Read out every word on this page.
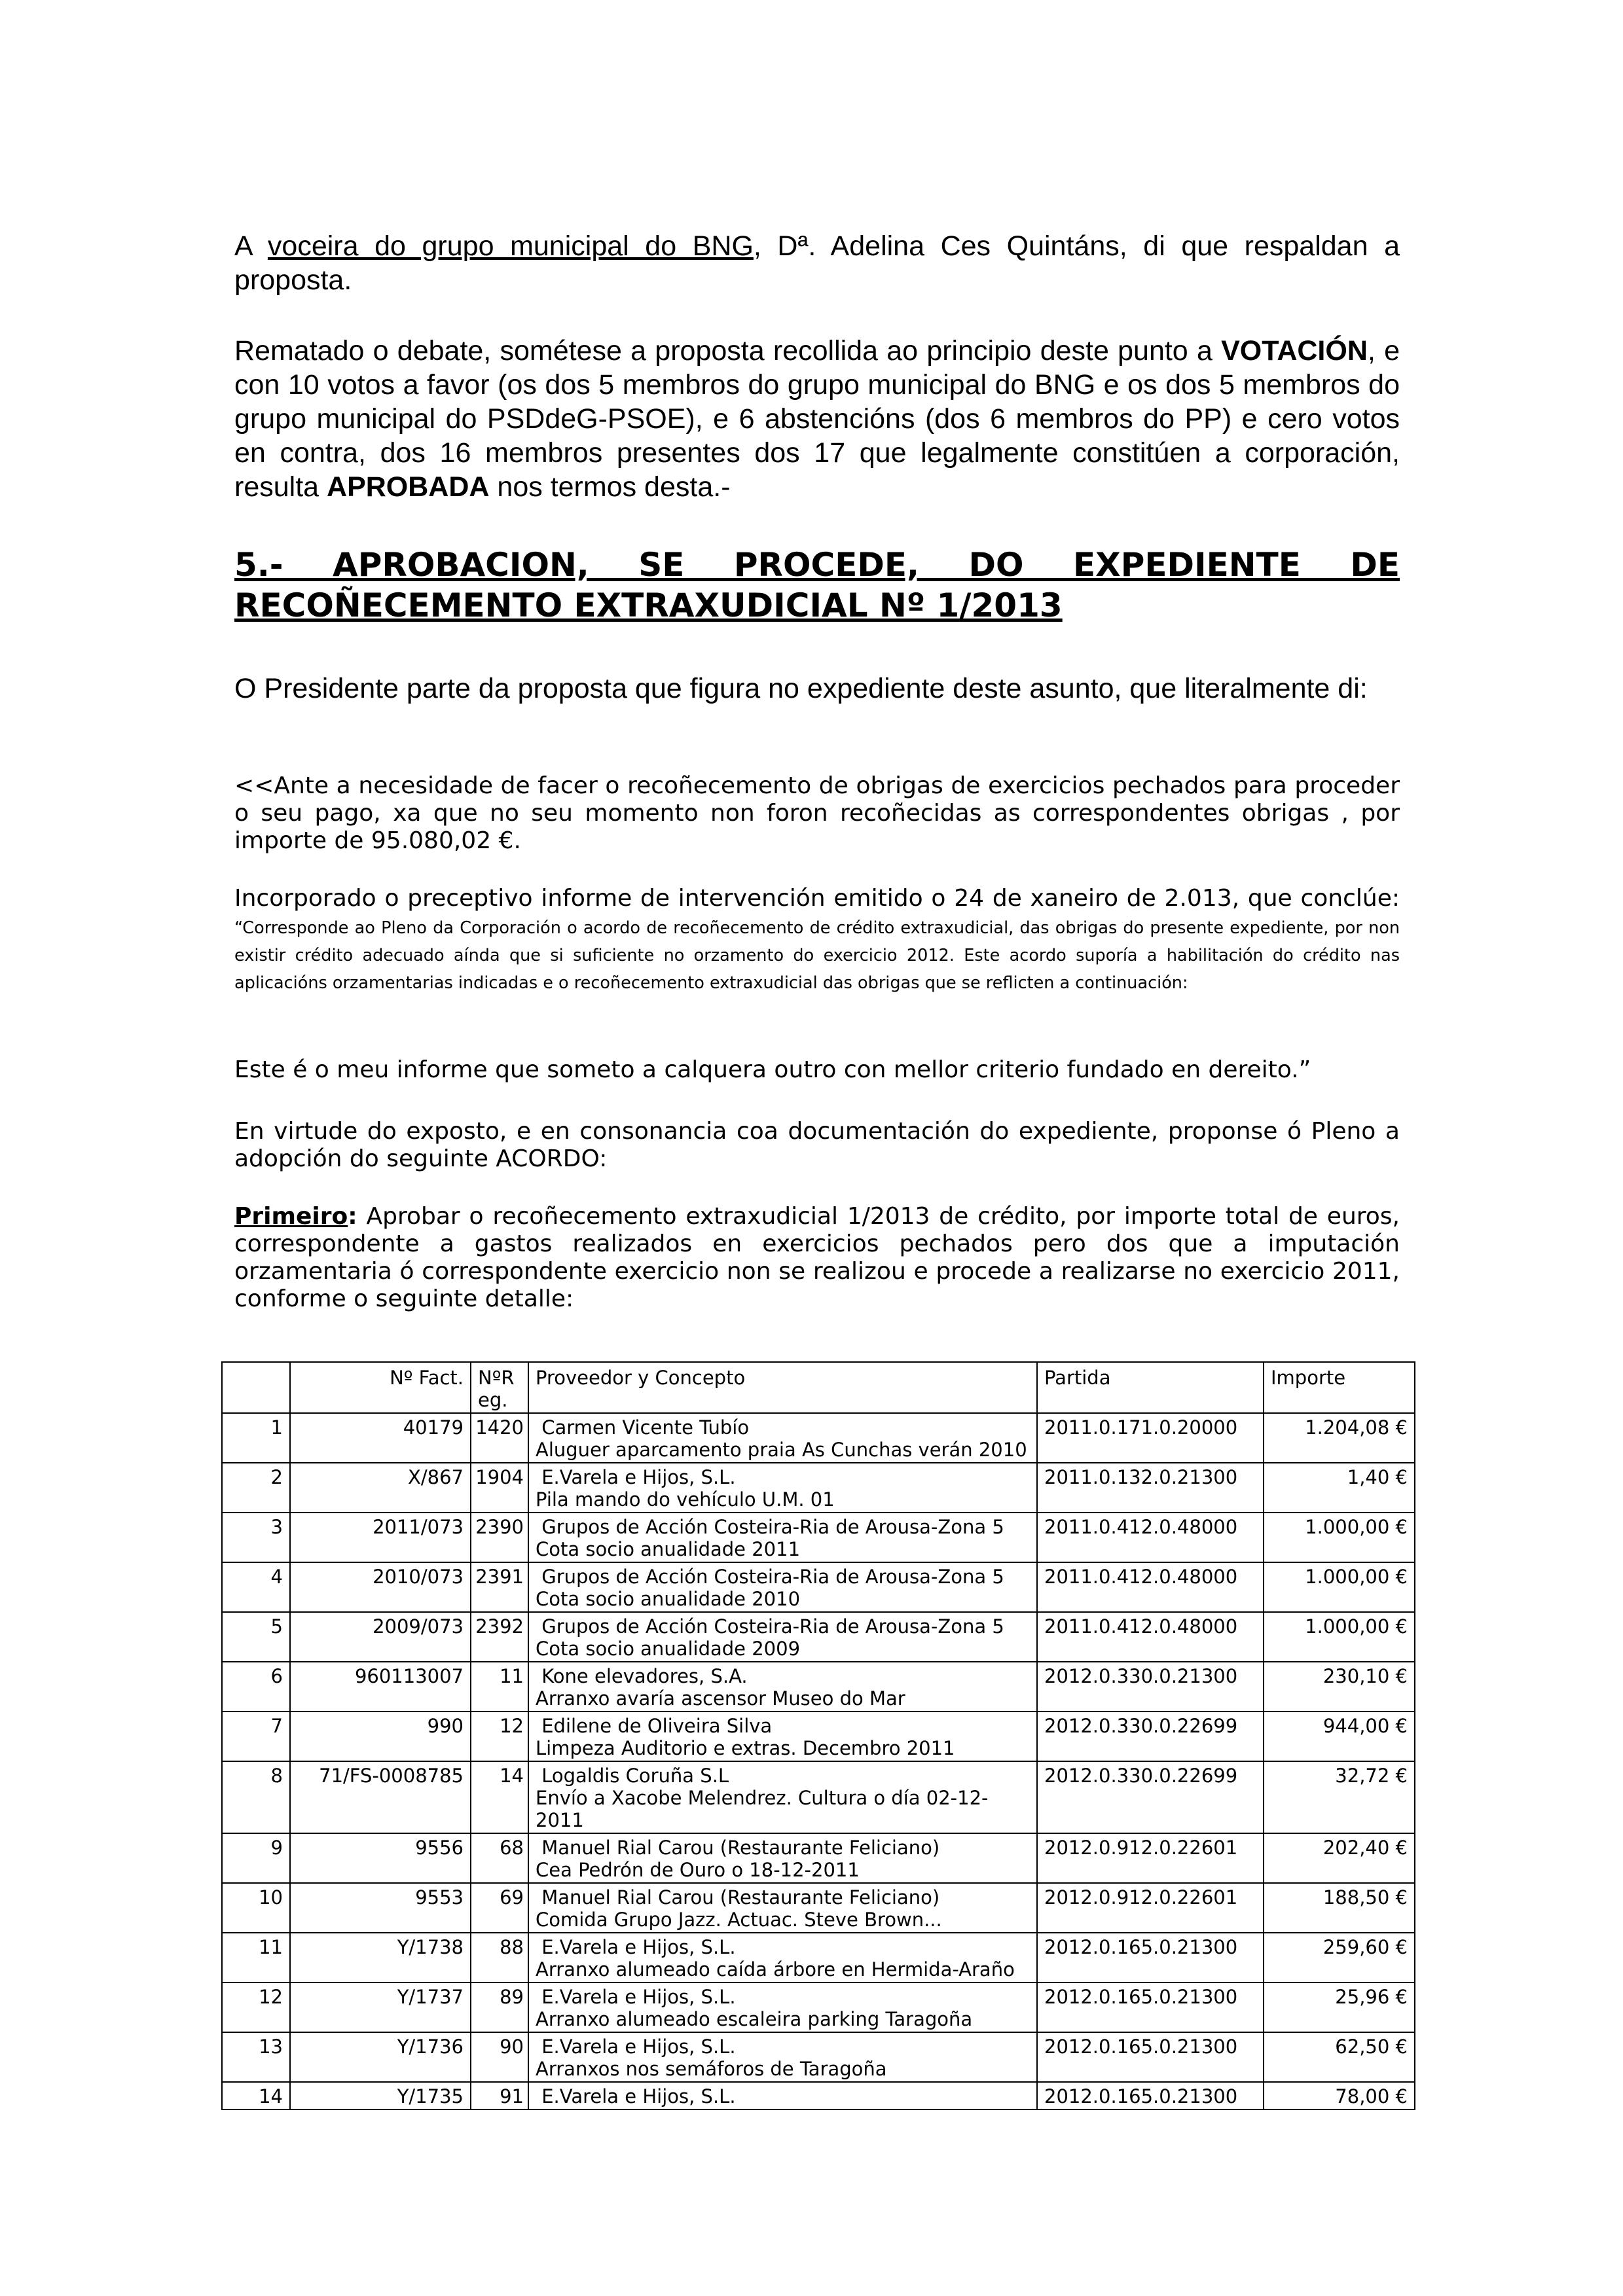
A voceira do grupo municipal do BNG, Dª. Adelina Ces Quintáns, di que respaldan a proposta.

Rematado o debate, sométese a proposta recollida ao principio deste punto a VOTACIÓN, e con 10 votos a favor (os dos 5 membros do grupo municipal do BNG e os dos 5 membros do grupo municipal do PSDdeG-PSOE), e 6 abstencións (dos 6 membros do PP) e cero votos en contra, dos 16 membros presentes dos 17 que legalmente constitúen a corporación, resulta APROBADA nos termos desta.-

5.- APROBACION, SE PROCEDE, DO EXPEDIENTE DE
RECOÑECEMENTO EXTRAXUDICIAL Nº 1/2013

O Presidente parte da proposta que figura no expediente deste asunto, que literalmente di:

<<Ante a necesidade de facer o recoñecemento de obrigas de exercicios pechados para proceder o seu pago, xa que no seu momento non foron recoñecidas as correspondentes obrigas , por importe de 95.080,02 €.

Incorporado o preceptivo informe de intervención emitido o 24 de xaneiro de 2.013, que conclúe: “Corresponde ao Pleno da Corporación o acordo de recoñecemento de crédito extraxudicial, das obrigas do presente expediente, por non existir crédito adecuado aínda que si suficiente no orzamento do exercicio 2012. Este acordo suporía a habilitación do crédito nas aplicacións orzamentarias indicadas e o recoñecemento extraxudicial das obrigas que se reflicten a continuación:

Este é o meu informe que someto a calquera outro con mellor criterio fundado en dereito.”

En virtude do exposto, e en consonancia coa documentación do expediente, proponse ó Pleno a adopción do seguinte ACORDO:

Primeiro: Aprobar o recoñecemento extraxudicial 1/2013 de crédito, por importe total de euros, correspondente a gastos realizados en exercicios pechados pero dos que a imputación orzamentaria ó correspondente exercicio non se realizou e procede a realizarse no exercicio 2011, conforme o seguinte detalle:

	Nº Fact.	NºReg.	Proveedor y Concepto	Partida	Importe
1	40179	1420	Carmen Vicente Tubío
Aluguer aparcamento praia As Cunchas verán 2010	2011.0.171.0.20000	1.204,08 €
2	X/867	1904	E.Varela e Hijos, S.L.
Pila mando do vehículo U.M. 01	2011.0.132.0.21300	1,40 €
3	2011/073	2390	Grupos de Acción Costeira-Ria de Arousa-Zona 5
Cota socio anualidade 2011	2011.0.412.0.48000	1.000,00 €
4	2010/073	2391	Grupos de Acción Costeira-Ria de Arousa-Zona 5
Cota socio anualidade 2010	2011.0.412.0.48000	1.000,00 €
5	2009/073	2392	Grupos de Acción Costeira-Ria de Arousa-Zona 5
Cota socio anualidade 2009	2011.0.412.0.48000	1.000,00 €
6	960113007	11	Kone elevadores, S.A.
Arranxo avaría ascensor Museo do Mar	2012.0.330.0.21300	230,10 €
7	990	12	Edilene de Oliveira Silva
Limpeza Auditorio e extras. Decembro 2011	2012.0.330.0.22699	944,00 €
8	71/FS-0008785	14	Logaldis Coruña S.L
Envío a Xacobe Melendrez. Cultura o día 02-12-2011	2012.0.330.0.22699	32,72 €
9	9556	68	Manuel Rial Carou (Restaurante Feliciano)
Cea Pedrón de Ouro o 18-12-2011	2012.0.912.0.22601	202,40 €
10	9553	69	Manuel Rial Carou (Restaurante Feliciano)
Comida Grupo Jazz. Actuac. Steve Brown...	2012.0.912.0.22601	188,50 €
11	Y/1738	88	E.Varela e Hijos, S.L.
Arranxo alumeado caída árbore en Hermida-Araño	2012.0.165.0.21300	259,60 €
12	Y/1737	89	E.Varela e Hijos, S.L.
Arranxo alumeado escaleira parking Taragoña	2012.0.165.0.21300	25,96 €
13	Y/1736	90	E.Varela e Hijos, S.L.
Arranxos nos semáforos de Taragoña	2012.0.165.0.21300	62,50 €
14	Y/1735	91	E.Varela e Hijos, S.L.	2012.0.165.0.21300	78,00 €
